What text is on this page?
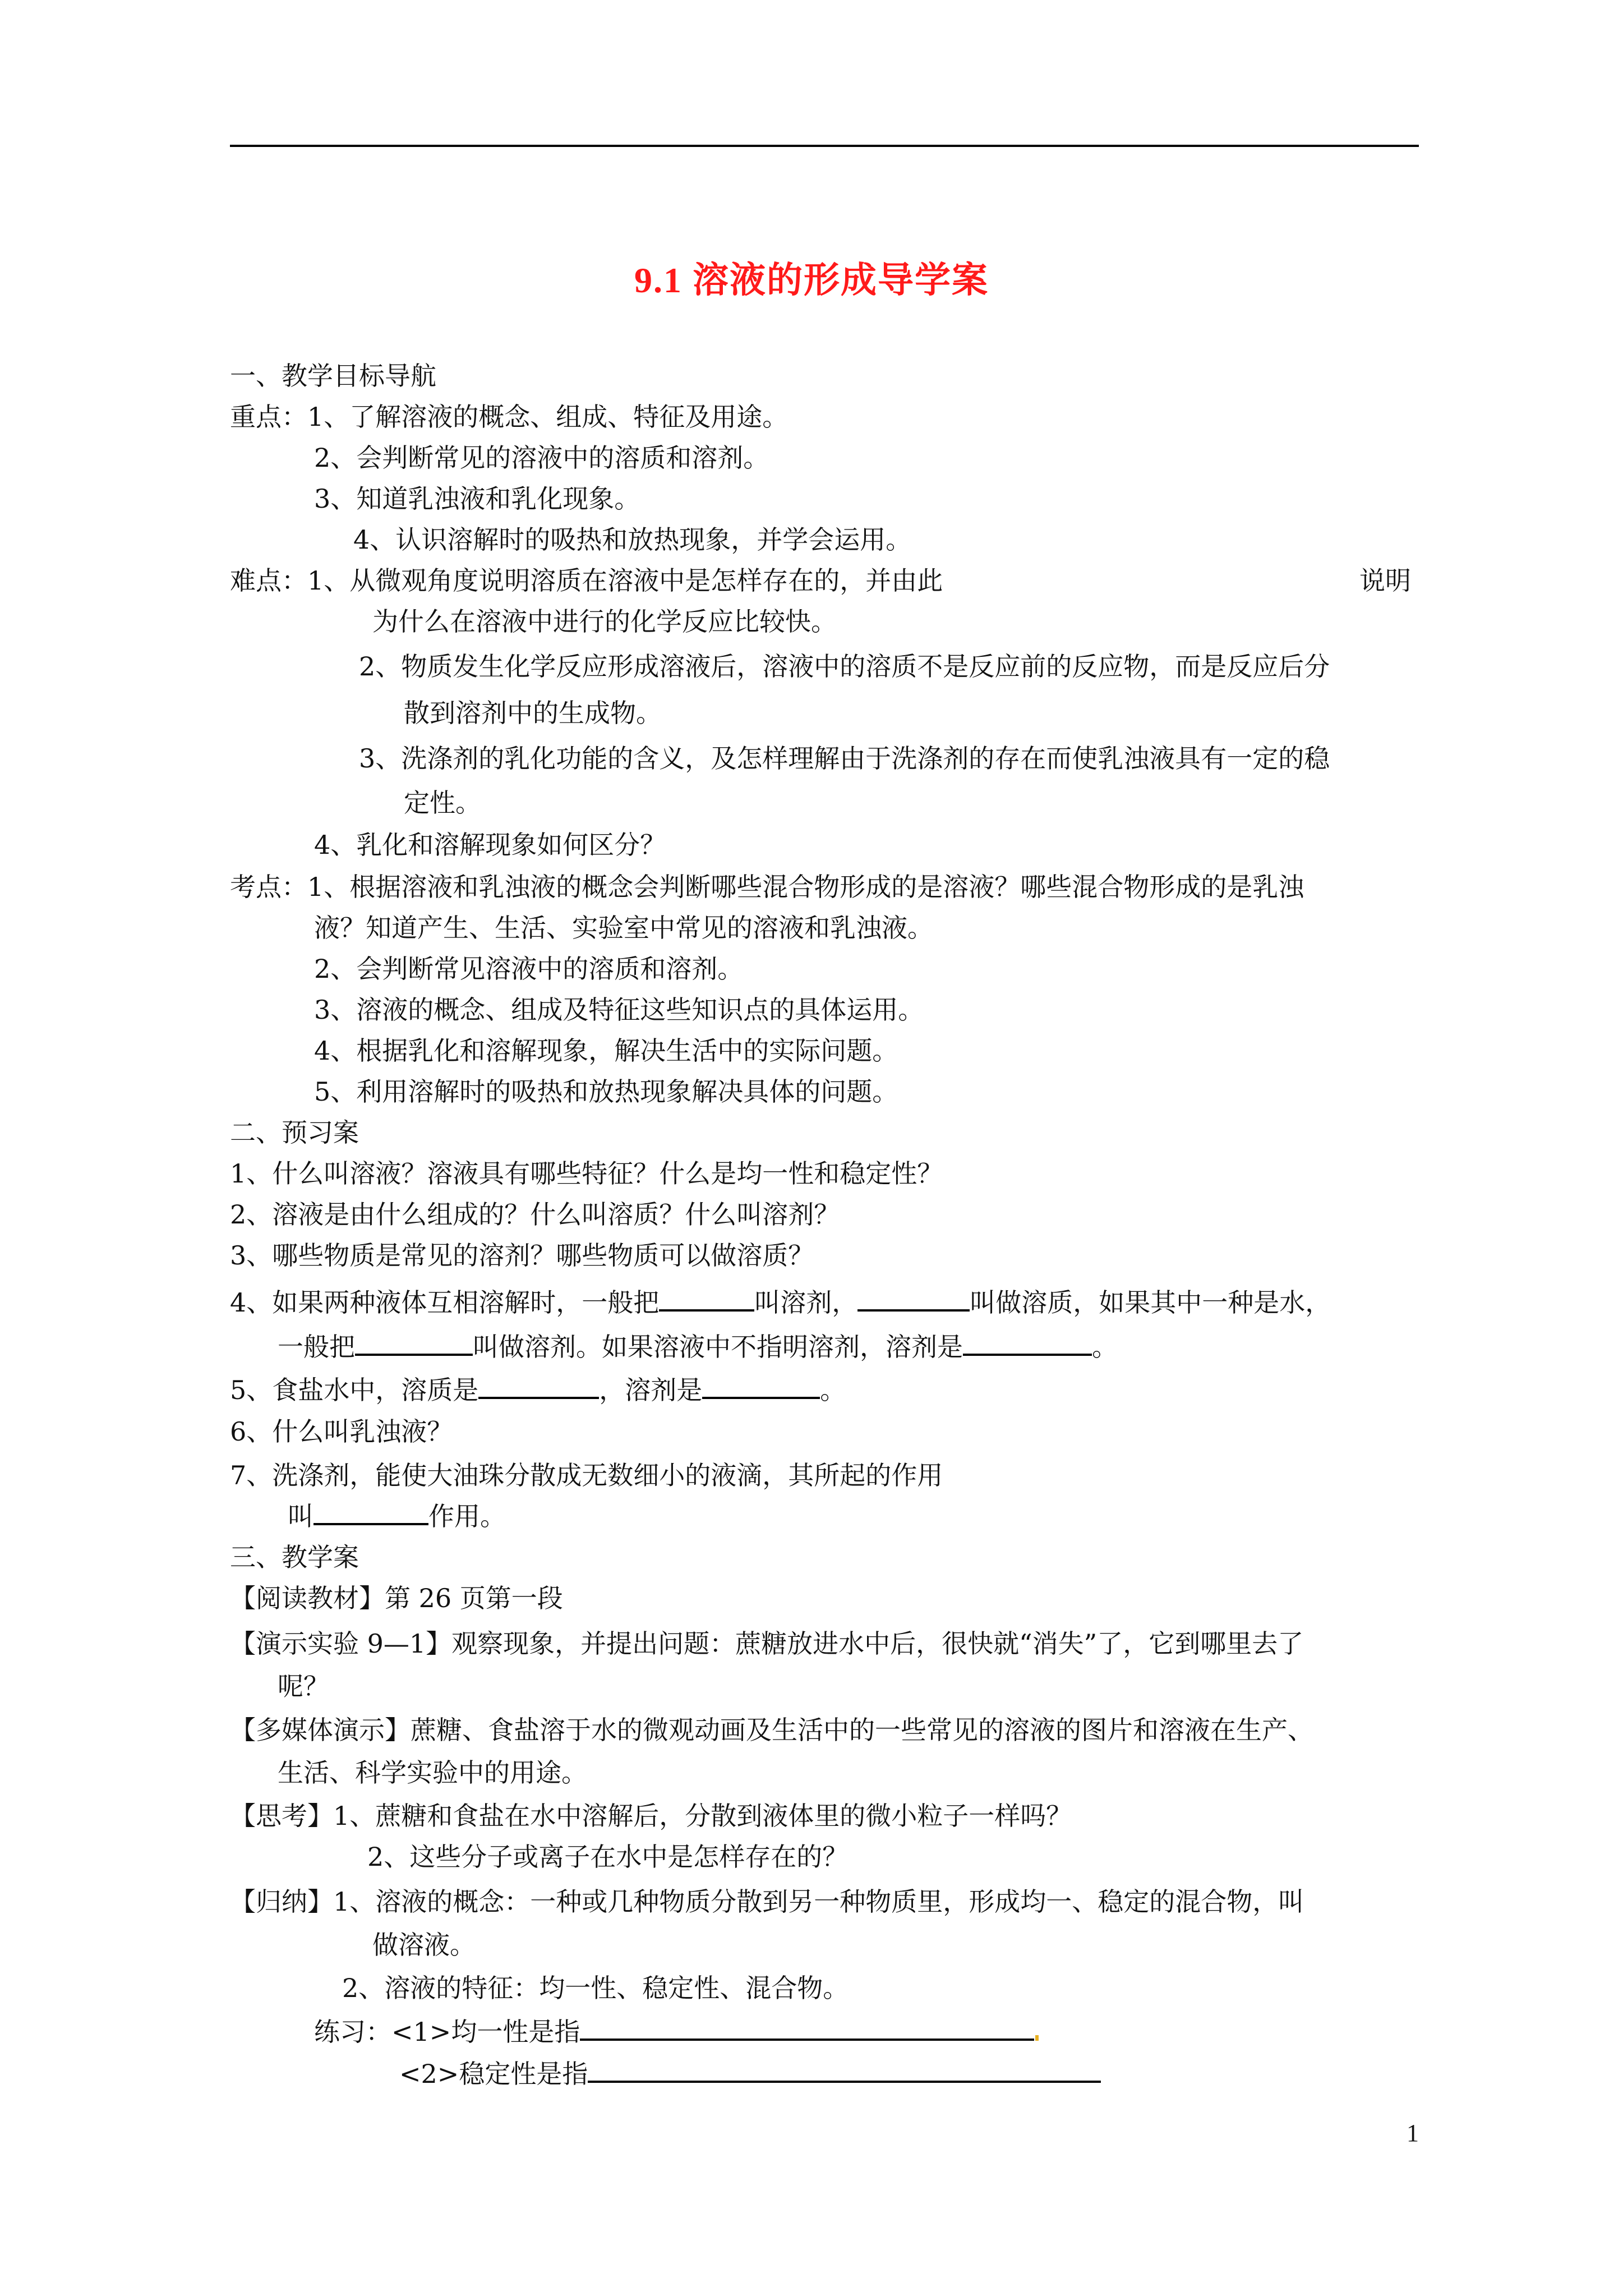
9.1 溶液的形成导学案
一、教学目标导航
重点：1、了解溶液的概念、组成、特征及用途。
2、会判断常见的溶液中的溶质和溶剂。
3、知道乳浊液和乳化现象。
4、认识溶解时的吸热和放热现象，并学会运用。
难点：1、从微观角度说明溶质在溶液中是怎样存在的，并由此	说明
为什么在溶液中进行的化学反应比较快。
2、物质发生化学反应形成溶液后，溶液中的溶质不是反应前的反应物，而是反应后分
散到溶剂中的生成物。
3、洗涤剂的乳化功能的含义，及怎样理解由于洗涤剂的存在而使乳浊液具有一定的稳
定性。
4、乳化和溶解现象如何区分？
考点：1、根据溶液和乳浊液的概念会判断哪些混合物形成的是溶液？哪些混合物形成的是乳浊
液？知道产生、生活、实验室中常见的溶液和乳浊液。
2、会判断常见溶液中的溶质和溶剂。
3、溶液的概念、组成及特征这些知识点的具体运用。
4、根据乳化和溶解现象，解决生活中的实际问题。
5、利用溶解时的吸热和放热现象解决具体的问题。
二、预习案
1、什么叫溶液？溶液具有哪些特征？什么是均一性和稳定性？
2、溶液是由什么组成的？什么叫溶质？什么叫溶剂？
3、哪些物质是常见的溶剂？哪些物质可以做溶质？
4、如果两种液体互相溶解时，一般把	叫溶剂，	叫做溶质，如果其中一种是水，
一般把	叫做溶剂。如果溶液中不指明溶剂，溶剂是	。
5、食盐水中，溶质是	，溶剂是	。
6、什么叫乳浊液？
7、洗涤剂，能使大油珠分散成无数细小的液滴，其所起的作用
叫	作用。
三、教学案
【阅读教材】第 26 页第一段
【演示实验 9—1】观察现象，并提出问题：蔗糖放进水中后，很快就“消失”了，它到哪里去了
呢？
【多媒体演示】蔗糖、食盐溶于水的微观动画及生活中的一些常见的溶液的图片和溶液在生产、
生活、科学实验中的用途。
【思考】1、蔗糖和食盐在水中溶解后，分散到液体里的微小粒子一样吗？
2、这些分子或离子在水中是怎样存在的？
【归纳】1、溶液的概念：一种或几种物质分散到另一种物质里，形成均一、稳定的混合物，叫
做溶液。
2、溶液的特征：均一性、稳定性、混合物。
练习：<1>均一性是指
<2>稳定性是指
1
